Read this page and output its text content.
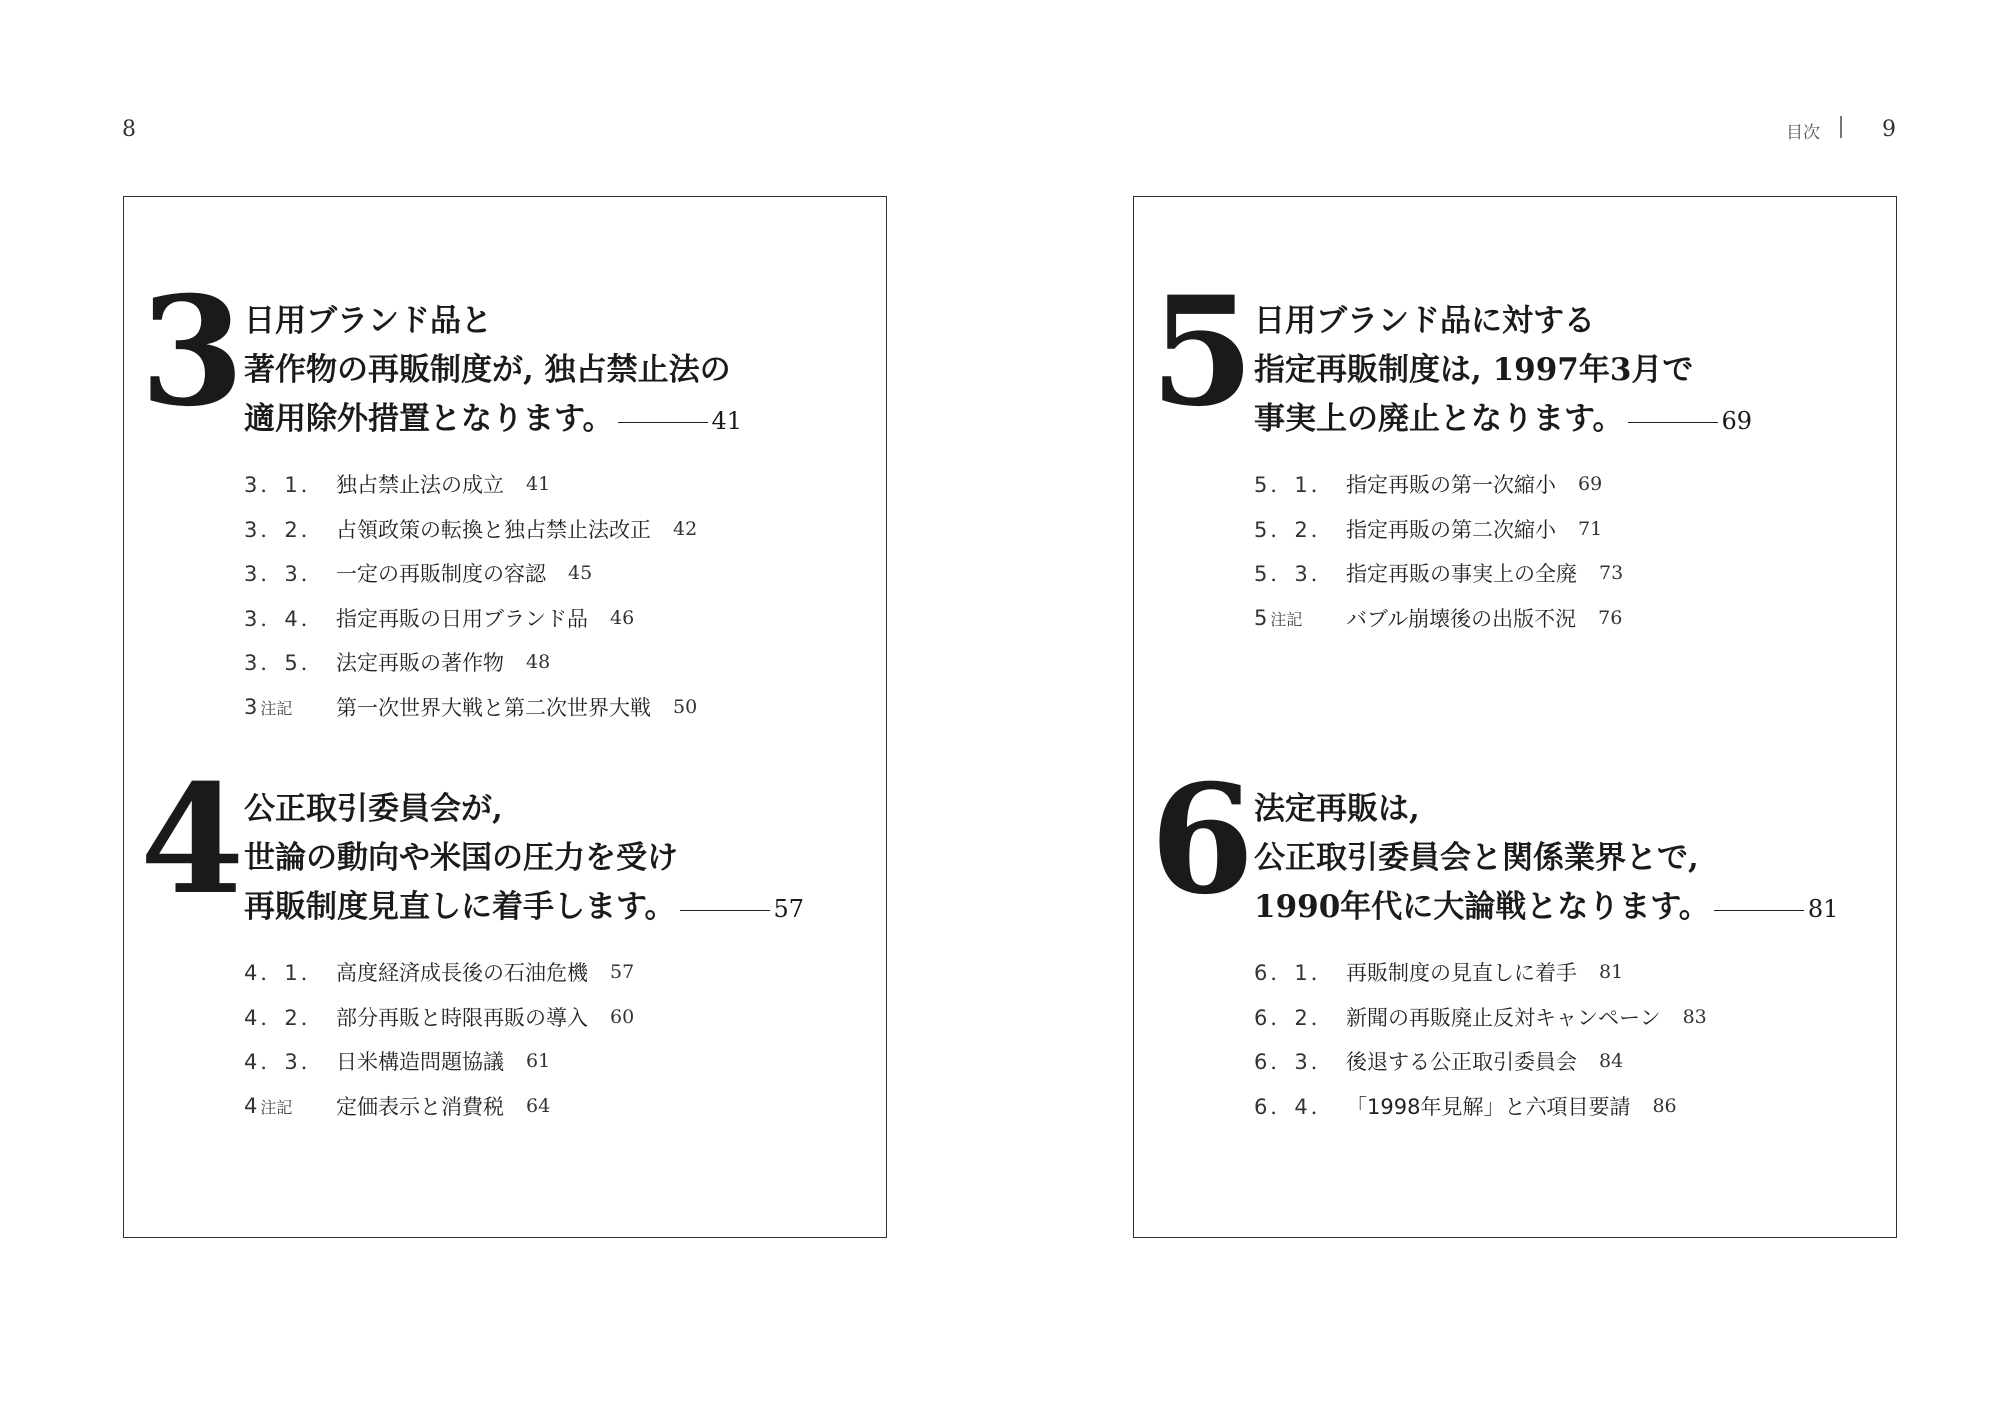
8	目次	9
3 日用ブランド品と
著作物の再販制度が, 独占禁止法の
適用除外措置となります。	41
3．1． 独占禁止法の成立 41
3．2． 占領政策の転換と独占禁止法改正 42
3．3． 一定の再販制度の容認 45
3．4． 指定再販の日用ブランド品 46
3．5． 法定再販の著作物 48
3注記	第一次世界大戦と第二次世界大戦 50
4 公正取引委員会が,
世論の動向や米国の圧力を受け
再販制度見直しに着手します。	57
4．1． 高度経済成長後の石油危機 57
4．2． 部分再販と時限再販の導入 60
4．3． 日米構造問題協議 61
4注記	定価表示と消費税 64
5 日用ブランド品に対する
指定再販制度は, 1997年3月で
事実上の廃止となります。	69
5．1． 指定再販の第一次縮小 69
5．2． 指定再販の第二次縮小 71
5．3． 指定再販の事実上の全廃 73
5注記	バブル崩壊後の出版不況 76
6 法定再販は,
公正取引委員会と関係業界とで,
1990年代に大論戦となります。	81
6．1． 再販制度の見直しに着手 81
6．2． 新聞の再販廃止反対キャンペーン 83
6．3． 後退する公正取引委員会 84
6．4． 「1998年見解」と六項目要請 86
